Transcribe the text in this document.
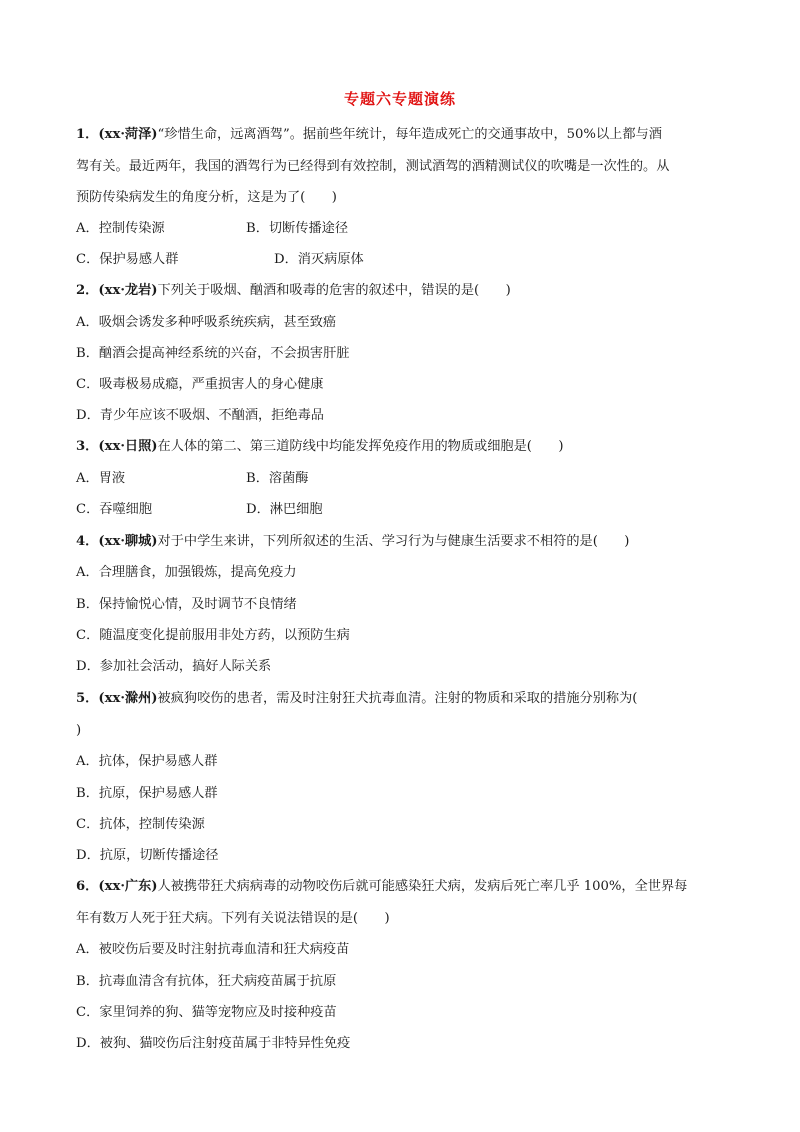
专题六专题演练
1．(xx·菏泽)“珍惜生命，远离酒驾”。据前些年统计，每年造成死亡的交通事故中，50%以上都与酒
驾有关。最近两年，我国的酒驾行为已经得到有效控制，测试酒驾的酒精测试仪的吹嘴是一次性的。从
预防传染病发生的角度分析，这是为了(　　)
A．控制传染源	B．切断传播途径
C．保护易感人群	D．消灭病原体
2．(xx·龙岩)下列关于吸烟、酗酒和吸毒的危害的叙述中，错误的是(　　)
A．吸烟会诱发多种呼吸系统疾病，甚至致癌
B．酗酒会提高神经系统的兴奋，不会损害肝脏
C．吸毒极易成瘾，严重损害人的身心健康
D．青少年应该不吸烟、不酗酒，拒绝毒品
3．(xx·日照)在人体的第二、第三道防线中均能发挥免疫作用的物质或细胞是(　　)
A．胃液	B．溶菌酶
C．吞噬细胞	D．淋巴细胞
4．(xx·聊城)对于中学生来讲，下列所叙述的生活、学习行为与健康生活要求不相符的是(　　)
A．合理膳食，加强锻炼，提高免疫力
B．保持愉悦心情，及时调节不良情绪
C．随温度变化提前服用非处方药，以预防生病
D．参加社会活动，搞好人际关系
5．(xx·滁州)被疯狗咬伤的患者，需及时注射狂犬抗毒血清。注射的物质和采取的措施分别称为(
)
A．抗体，保护易感人群
B．抗原，保护易感人群
C．抗体，控制传染源
D．抗原，切断传播途径
6．(xx·广东)人被携带狂犬病病毒的动物咬伤后就可能感染狂犬病，发病后死亡率几乎 100%，全世界每
年有数万人死于狂犬病。下列有关说法错误的是(　　)
A．被咬伤后要及时注射抗毒血清和狂犬病疫苗
B．抗毒血清含有抗体，狂犬病疫苗属于抗原
C．家里饲养的狗、猫等宠物应及时接种疫苗
D．被狗、猫咬伤后注射疫苗属于非特异性免疫
